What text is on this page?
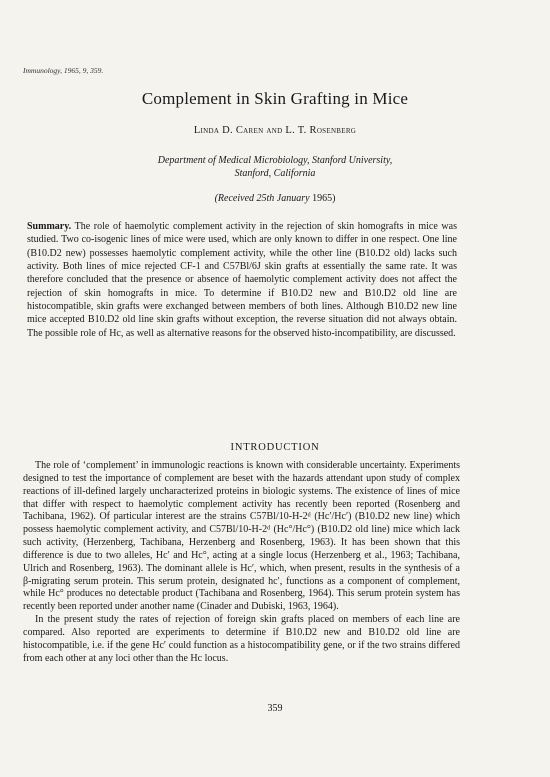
Immunology, 1965, 9, 359.
Complement in Skin Grafting in Mice
Linda D. Caren and L. T. Rosenberg
Department of Medical Microbiology, Stanford University,
Stanford, California
(Received 25th January 1965)
Summary. The role of haemolytic complement activity in the rejection of skin homografts in mice was studied. Two co-isogenic lines of mice were used, which are only known to differ in one respect. One line (B10.D2 new) possesses haemolytic complement activity, while the other line (B10.D2 old) lacks such activity. Both lines of mice rejected CF-1 and C57Bl/6J skin grafts at essentially the same rate. It was therefore concluded that the presence or absence of haemolytic complement activity does not affect the rejection of skin homografts in mice. To determine if B10.D2 new and B10.D2 old line are histocompatible, skin grafts were exchanged between members of both lines. Although B10.D2 new line mice accepted B10.D2 old line skin grafts without exception, the reverse situation did not always obtain. The possible role of Hc, as well as alternative reasons for the observed histo-incompatibility, are discussed.
INTRODUCTION

The role of ‘complement’ in immunologic reactions is known with considerable uncertainty. Experiments designed to test the importance of complement are beset with the hazards attendant upon study of complex reactions of ill-defined largely uncharacterized proteins in biologic systems. The existence of lines of mice that differ with respect to haemolytic complement activity has recently been reported (Rosenberg and Tachibana, 1962). Of particular interest are the strains C57Bl/10-H-2ᵈ (Hc′/Hc′) (B10.D2 new line) which possess haemolytic complement activity, and C57Bl/10-H-2ᵈ (Hc°/Hc°) (B10.D2 old line) mice which lack such activity, (Herzenberg, Tachibana, Herzenberg and Rosenberg, 1963). It has been shown that this difference is due to two alleles, Hc′ and Hc°, acting at a single locus (Herzenberg et al., 1963; Tachibana, Ulrich and Rosenberg, 1963). The dominant allele is Hc′, which, when present, results in the synthesis of a β-migrating serum protein. This serum protein, designated hc′, functions as a component of complement, while Hc° produces no detectable product (Tachibana and Rosenberg, 1964). This serum protein system has recently been reported under another name (Cinader and Dubiski, 1963, 1964).

In the present study the rates of rejection of foreign skin grafts placed on members of each line are compared. Also reported are experiments to determine if B10.D2 new and B10.D2 old line are histocompatible, i.e. if the gene Hc′ could function as a histocompatibility gene, or if the two strains differed from each other at any loci other than the Hc locus.

359
